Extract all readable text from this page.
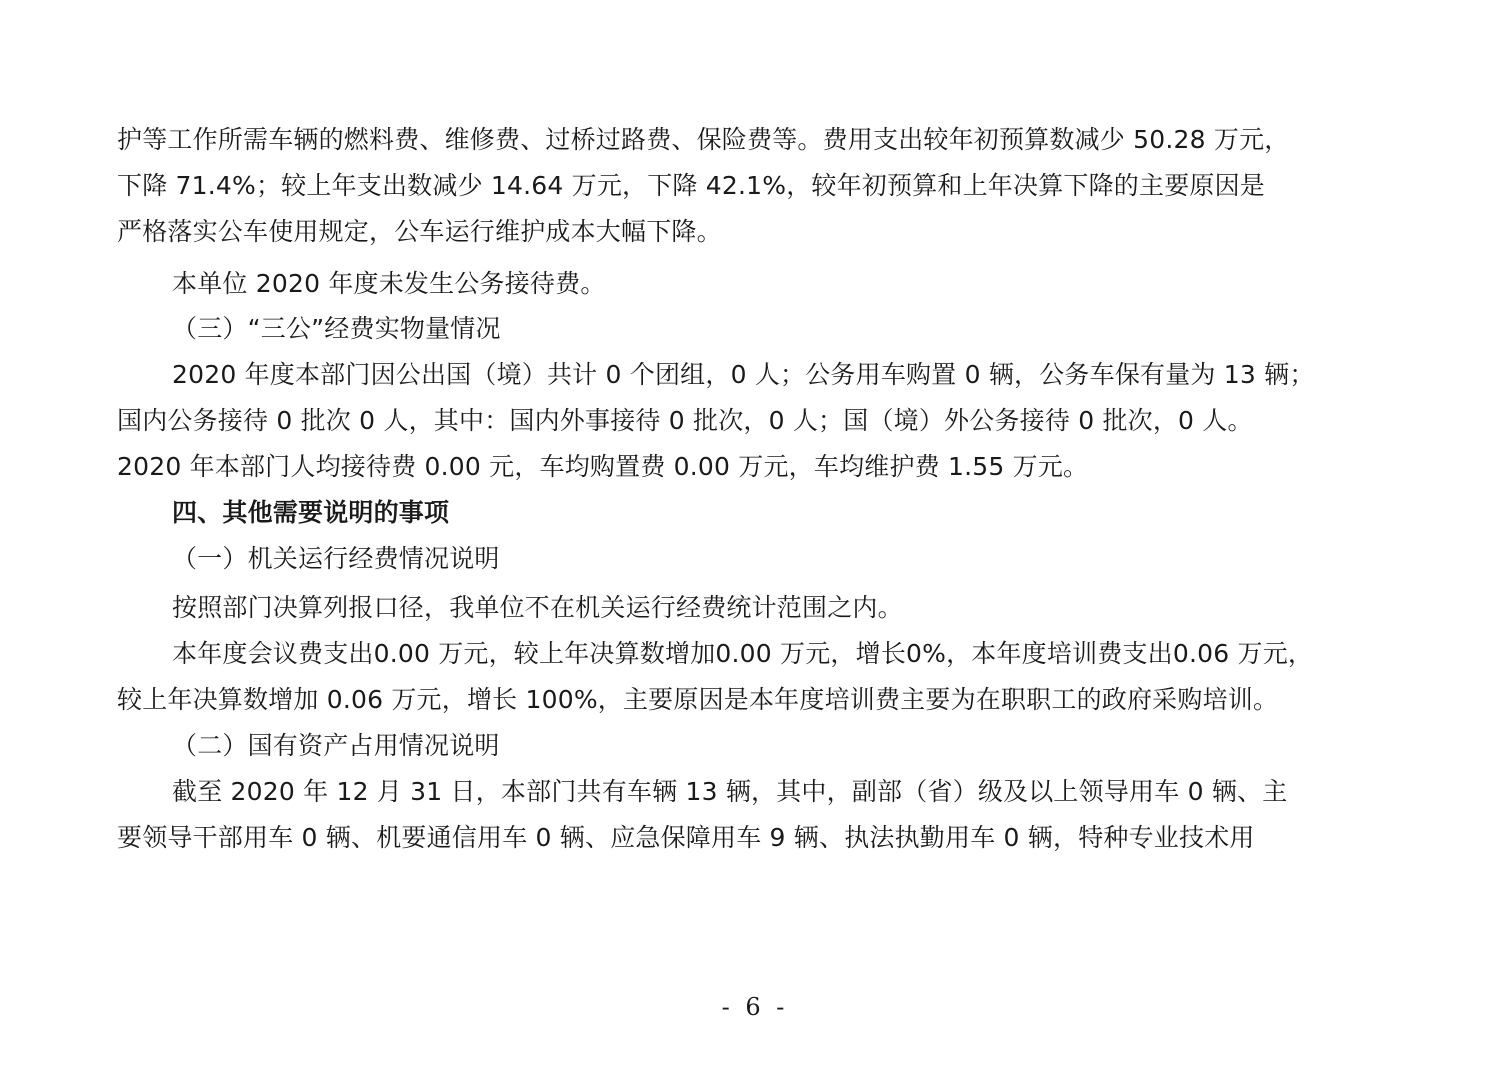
护等工作所需车辆的燃料费、维修费、过桥过路费、保险费等。费用支出较年初预算数减少 50.28 万元，
下降 71.4%；较上年支出数减少 14.64 万元，下降 42.1%，较年初预算和上年决算下降的主要原因是
严格落实公车使用规定，公车运行维护成本大幅下降。
本单位 2020 年度未发生公务接待费。
（三）“三公”经费实物量情况
2020 年度本部门因公出国（境）共计 0 个团组，0 人；公务用车购置 0 辆，公务车保有量为 13 辆；
国内公务接待 0 批次 0 人，其中：国内外事接待 0 批次，0 人；国（境）外公务接待 0 批次，0 人。
2020 年本部门人均接待费 0.00 元，车均购置费 0.00 万元，车均维护费 1.55 万元。
四、其他需要说明的事项
（一）机关运行经费情况说明
按照部门决算列报口径，我单位不在机关运行经费统计范围之内。
本年度会议费支出0.00 万元，较上年决算数增加0.00 万元，增长0%，本年度培训费支出0.06 万元，
较上年决算数增加 0.06 万元，增长 100%，主要原因是本年度培训费主要为在职职工的政府采购培训。
（二）国有资产占用情况说明
截至 2020 年 12 月 31 日，本部门共有车辆 13 辆，其中，副部（省）级及以上领导用车 0 辆、主
要领导干部用车 0 辆、机要通信用车 0 辆、应急保障用车 9 辆、执法执勤用车 0 辆，特种专业技术用
- 6 -
